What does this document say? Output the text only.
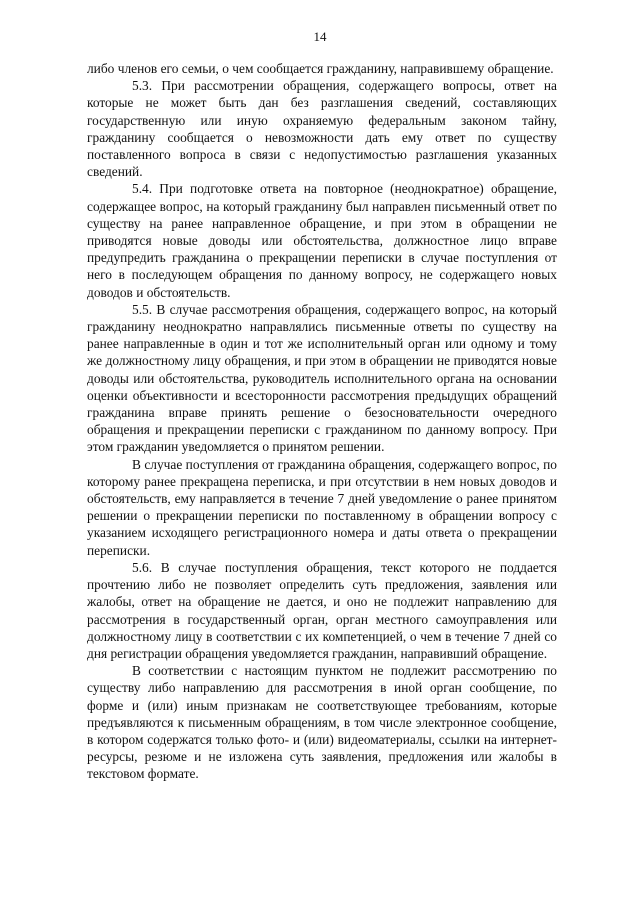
14

либо членов его семьи, о чем сообщается гражданину, направившему обращение.

5.3. При рассмотрении обращения, содержащего вопросы, ответ на которые не может быть дан без разглашения сведений, составляющих государственную или иную охраняемую федеральным законом тайну, гражданину сообщается о невозможности дать ему ответ по существу поставленного вопроса в связи с недопустимостью разглашения указанных сведений.

5.4. При подготовке ответа на повторное (неоднократное) обращение, содержащее вопрос, на который гражданину был направлен письменный ответ по существу на ранее направленное обращение, и при этом в обращении не приводятся новые доводы или обстоятельства, должностное лицо вправе предупредить гражданина о прекращении переписки в случае поступления от него в последующем обращения по данному вопросу, не содержащего новых доводов и обстоятельств.

5.5. В случае рассмотрения обращения, содержащего вопрос, на который гражданину неоднократно направлялись письменные ответы по существу на ранее направленные в один и тот же исполнительный орган или одному и тому же должностному лицу обращения, и при этом в обращении не приводятся новые доводы или обстоятельства, руководитель исполнительного органа на основании оценки объективности и всесторонности рассмотрения предыдущих обращений гражданина вправе принять решение о безосновательности очередного обращения и прекращении переписки с гражданином по данному вопросу. При этом гражданин уведомляется о принятом решении.

В случае поступления от гражданина обращения, содержащего вопрос, по которому ранее прекращена переписка, и при отсутствии в нем новых доводов и обстоятельств, ему направляется в течение 7 дней уведомление о ранее принятом решении о прекращении переписки по поставленному в обращении вопросу с указанием исходящего регистрационного номера и даты ответа о прекращении переписки.

5.6. В случае поступления обращения, текст которого не поддается прочтению либо не позволяет определить суть предложения, заявления или жалобы, ответ на обращение не дается, и оно не подлежит направлению для рассмотрения в государственный орган, орган местного самоуправления или должностному лицу в соответствии с их компетенцией, о чем в течение 7 дней со дня регистрации обращения уведомляется гражданин, направивший обращение.

В соответствии с настоящим пунктом не подлежит рассмотрению по существу либо направлению для рассмотрения в иной орган сообщение, по форме и (или) иным признакам не соответствующее требованиям, которые предъявляются к письменным обращениям, в том числе электронное сообщение, в котором содержатся только фото- и (или) видеоматериалы, ссылки на интернет-ресурсы, резюме и не изложена суть заявления, предложения или жалобы в текстовом формате.
